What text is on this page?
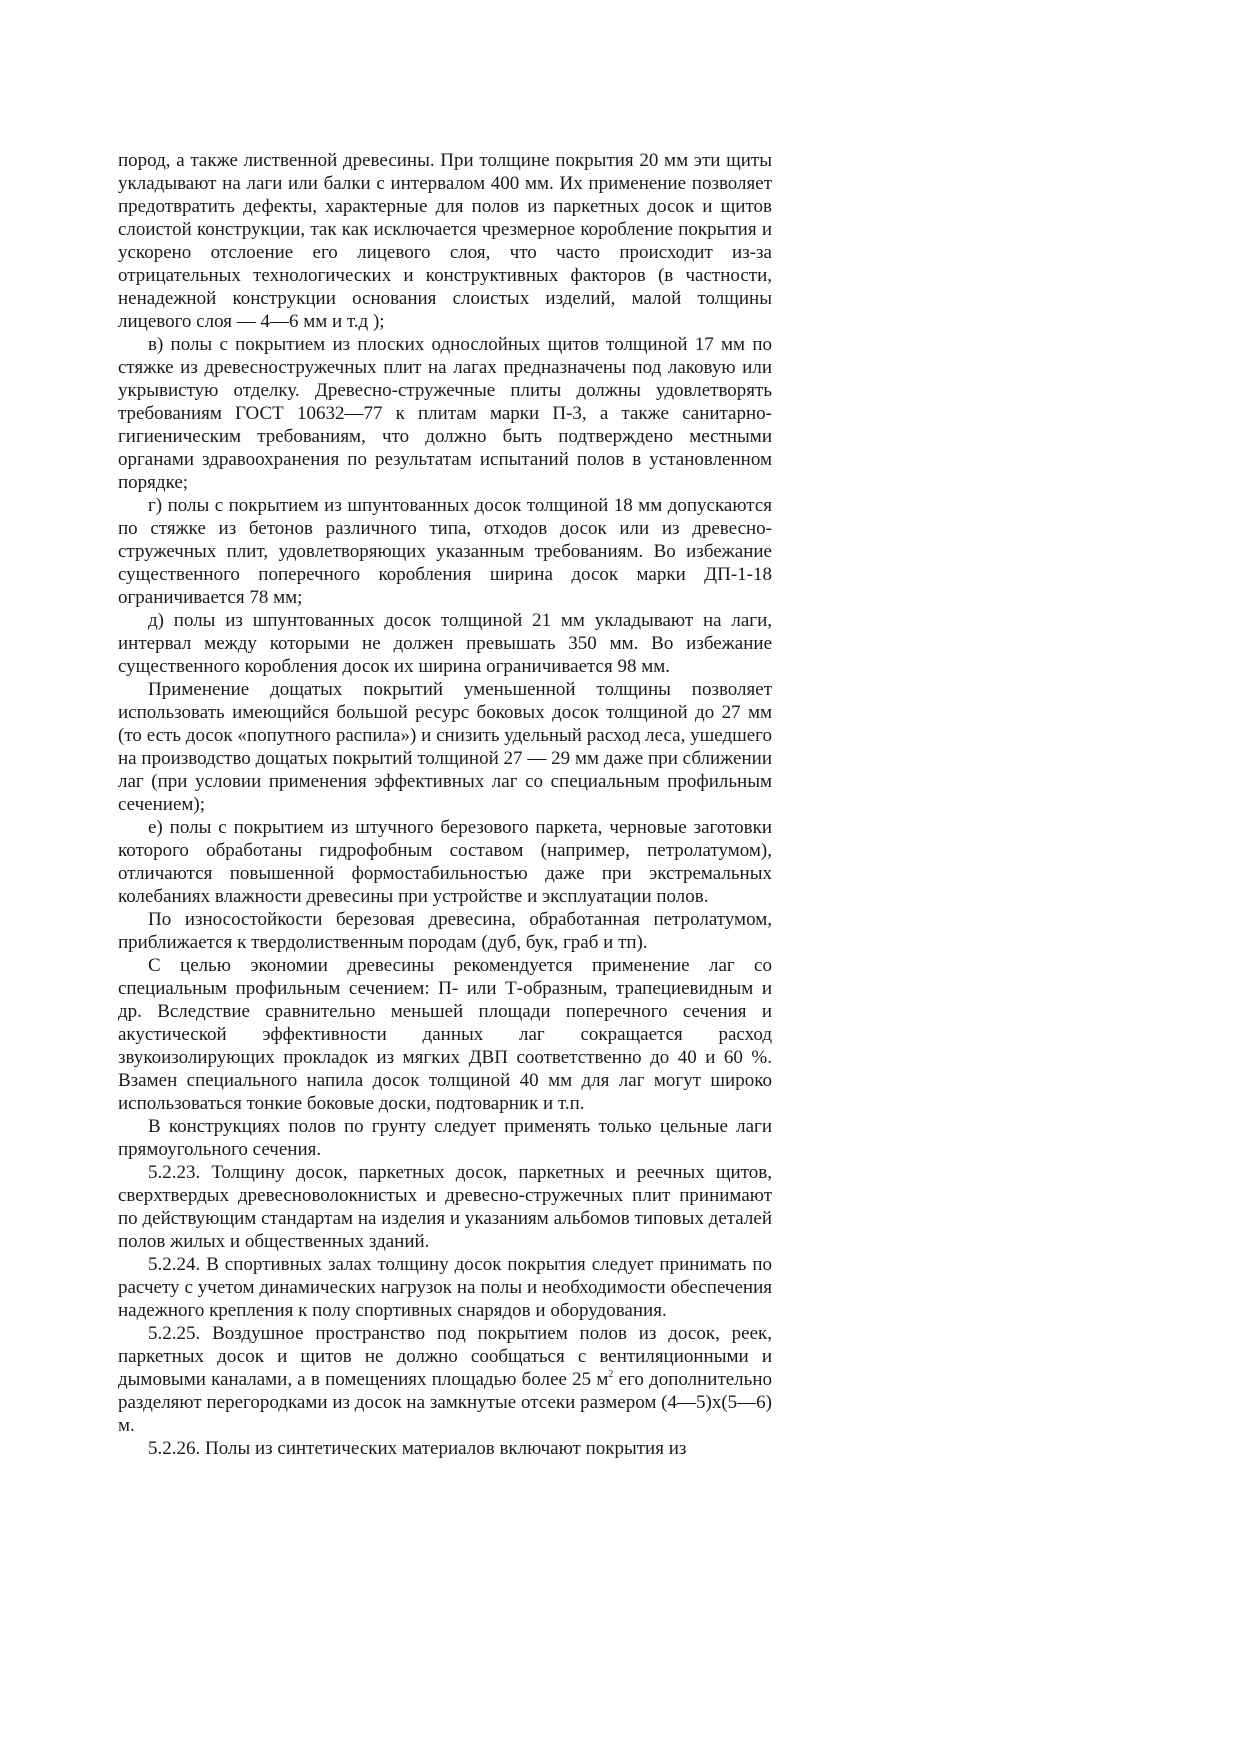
пород, а также лиственной древесины. При толщине покрытия 20 мм эти щиты укладывают на лаги или балки с интервалом 400 мм. Их применение позволяет предотвратить дефекты, характерные для полов из паркетных досок и щитов слоистой конструкции, так как исключается чрезмерное коробление покрытия и ускорено отслоение его лицевого слоя, что часто происходит из-за отрицательных технологических и конструктивных факторов (в частности, ненадежной конструкции основания слоистых изделий, малой толщины лицевого слоя — 4—6 мм и т.д );

в) полы с покрытием из плоских однослойных щитов толщиной 17 мм по стяжке из древесностружечных плит на лагах предназначены под лаковую или укрывистую отделку. Древесно-стружечные плиты должны удовлетворять требованиям ГОСТ 10632—77 к плитам марки П-3, а также санитарно-гигиеническим требованиям, что должно быть подтверждено местными органами здравоохранения по результатам испытаний полов в установленном порядке;

г) полы с покрытием из шпунтованных досок толщиной 18 мм допускаются по стяжке из бетонов различного типа, отходов досок или из древесно-стружечных плит, удовлетворяющих указанным требованиям. Во избежание существенного поперечного коробления ширина досок марки ДП-1-18 ограничивается 78 мм;

д) полы из шпунтованных досок толщиной 21 мм укладывают на лаги, интервал между которыми не должен превышать 350 мм. Во избежание существенного коробления досок их ширина ограничивается 98 мм.

Применение дощатых покрытий уменьшенной толщины позволяет использовать имеющийся большой ресурс боковых досок толщиной до 27 мм (то есть досок «попутного распила») и снизить удельный расход леса, ушедшего на производство дощатых покрытий толщиной 27 — 29 мм даже при сближении лаг (при условии применения эффективных лаг со специальным профильным сечением);

е) полы с покрытием из штучного березового паркета, черновые заготовки которого обработаны гидрофобным составом (например, петролатумом), отличаются повышенной формостабильностью даже при экстремальных колебаниях влажности древесины при устройстве и эксплуатации полов.

По износостойкости березовая древесина, обработанная петролатумом, приближается к твердолиственным породам (дуб, бук, граб и тп).

С целью экономии древесины рекомендуется применение лаг со специальным профильным сечением: П- или Т-образным, трапециевидным и др. Вследствие сравнительно меньшей площади поперечного сечения и акустической эффективности данных лаг сокращается расход звукоизолирующих прокладок из мягких ДВП соответственно до 40 и 60 %. Взамен специального напила досок толщиной 40 мм для лаг могут широко использоваться тонкие боковые доски, подтоварник и т.п.

В конструкциях полов по грунту следует применять только цельные лаги прямоугольного сечения.

5.2.23. Толщину досок, паркетных досок, паркетных и реечных щитов, сверхтвердых древесноволокнистых и древесно-стружечных плит принимают по действующим стандартам на изделия и указаниям альбомов типовых деталей полов жилых и общественных зданий.

5.2.24. В спортивных залах толщину досок покрытия следует принимать по расчету с учетом динамических нагрузок на полы и необходимости обеспечения надежного крепления к полу спортивных снарядов и оборудования.

5.2.25. Воздушное пространство под покрытием полов из досок, реек, паркетных досок и щитов не должно сообщаться с вентиляционными и дымовыми каналами, а в помещениях площадью более 25 $м^2$ его дополнительно разделяют перегородками из досок на замкнутые отсеки размером (4—5)х(5—6) м.

5.2.26. Полы из синтетических материалов включают покрытия из
